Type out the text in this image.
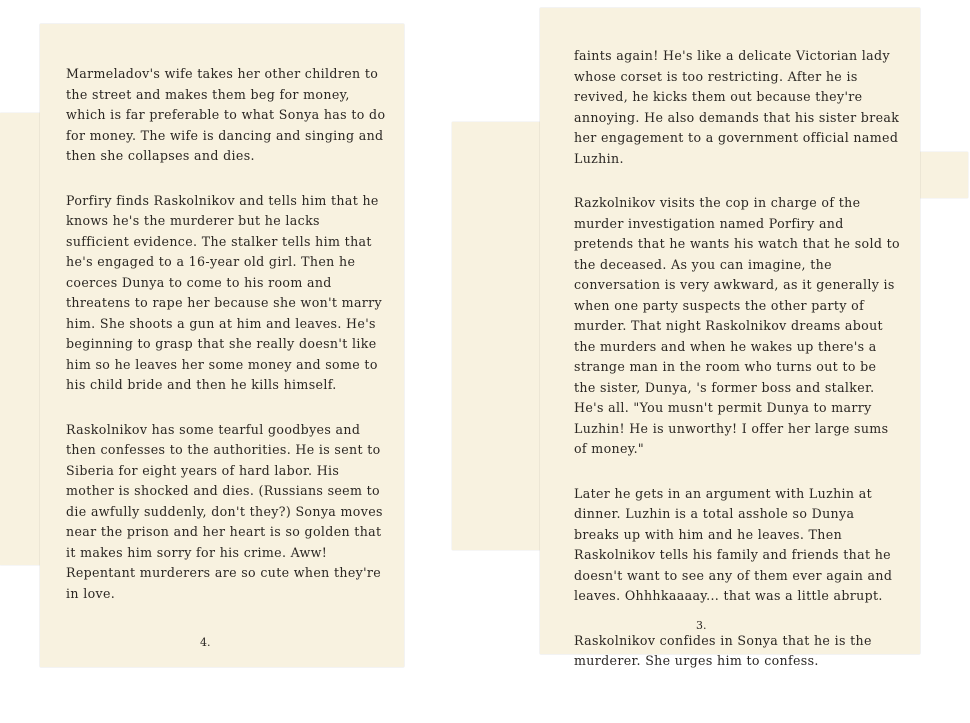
Marmeladov's wife takes her other children to the street and makes them beg for money, which is far preferable to what Sonya has to do for money. The wife is dancing and singing and then she collapses and dies.

Porfiry finds Raskolnikov and tells him that he knows he's the murderer but he lacks sufficient evidence. The stalker tells him that he's engaged to a 16-year old girl. Then he coerces Dunya to come to his room and threatens to rape her because she won't marry him. She shoots a gun at him and leaves. He's beginning to grasp that she really doesn't like him so he leaves her some money and some to his child bride and then he kills himself.

Raskolnikov has some tearful goodbyes and then confesses to the authorities. He is sent to Siberia for eight years of hard labor. His mother is shocked and dies. (Russians seem to die awfully suddenly, don't they?) Sonya moves near the prison and her heart is so golden that it makes him sorry for his crime. Aww! Repentant murderers are so cute when they're in love.

4.

faints again! He's like a delicate Victorian lady whose corset is too restricting. After he is revived, he kicks them out because they're annoying. He also demands that his sister break her engagement to a government official named Luzhin.

Razkolnikov visits the cop in charge of the murder investigation named Porfiry and pretends that he wants his watch that he sold to the deceased. As you can imagine, the conversation is very awkward, as it generally is when one party suspects the other party of murder. That night Raskolnikov dreams about the murders and when he wakes up there's a strange man in the room who turns out to be the sister, Dunya, 's former boss and stalker. He's all. "You musn't permit Dunya to marry Luzhin! He is unworthy! I offer her large sums of money."

Later he gets in an argument with Luzhin at dinner. Luzhin is a total asshole so Dunya breaks up with him and he leaves. Then Raskolnikov tells his family and friends that he doesn't want to see any of them ever again and leaves. Ohhhkaaaay... that was a little abrupt.

Raskolnikov confides in Sonya that he is the murderer. She urges him to confess.

3.
